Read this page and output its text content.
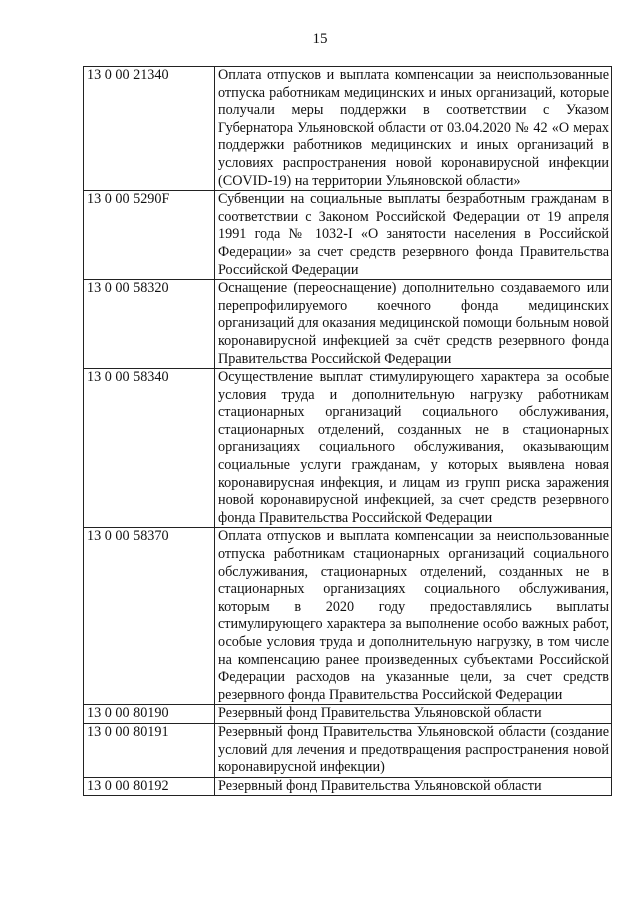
15
13 0 00 21340	Оплата отпусков и выплата компенсации за неиспользованные отпуска работникам медицинских и иных организаций, которые получали меры поддержки в соответствии с Указом Губернатора Ульяновской области от 03.04.2020 № 42 «О мерах поддержки работников медицинских и иных организаций в условиях распространения новой коронавирусной инфекции (COVID-19) на территории Ульяновской области»
13 0 00 5290F	Субвенции на социальные выплаты безработным гражданам в соответствии с Законом Российской Федерации от 19 апреля 1991 года № 1032-I «О занятости населения в Российской Федерации» за счет средств резервного фонда Правительства Российской Федерации
13 0 00 58320	Оснащение (переоснащение) дополнительно создаваемого или перепрофилируемого коечного фонда медицинских организаций для оказания медицинской помощи больным новой коронавирусной инфекцией за счёт средств резервного фонда Правительства Российской Федерации
13 0 00 58340	Осуществление выплат стимулирующего характера за особые условия труда и дополнительную нагрузку работникам стационарных организаций социального обслуживания, стационарных отделений, созданных не в стационарных организациях социального обслуживания, оказывающим социальные услуги гражданам, у которых выявлена новая коронавирусная инфекция, и лицам из групп риска заражения новой коронавирусной инфекцией, за счет средств резервного фонда Правительства Российской Федерации
13 0 00 58370	Оплата отпусков и выплата компенсации за неиспользованные отпуска работникам стационарных организаций социального обслуживания, стационарных отделений, созданных не в стационарных организациях социального обслуживания, которым в 2020 году предоставлялись выплаты стимулирующего характера за выполнение особо важных работ, особые условия труда и дополнительную нагрузку, в том числе на компенсацию ранее произведенных субъектами Российской Федерации расходов на указанные цели, за счет средств резервного фонда Правительства Российской Федерации
13 0 00 80190	Резервный фонд Правительства Ульяновской области
13 0 00 80191	Резервный фонд Правительства Ульяновской области (создание условий для лечения и предотвращения распространения новой коронавирусной инфекции)
13 0 00 80192	Резервный фонд Правительства Ульяновской области
